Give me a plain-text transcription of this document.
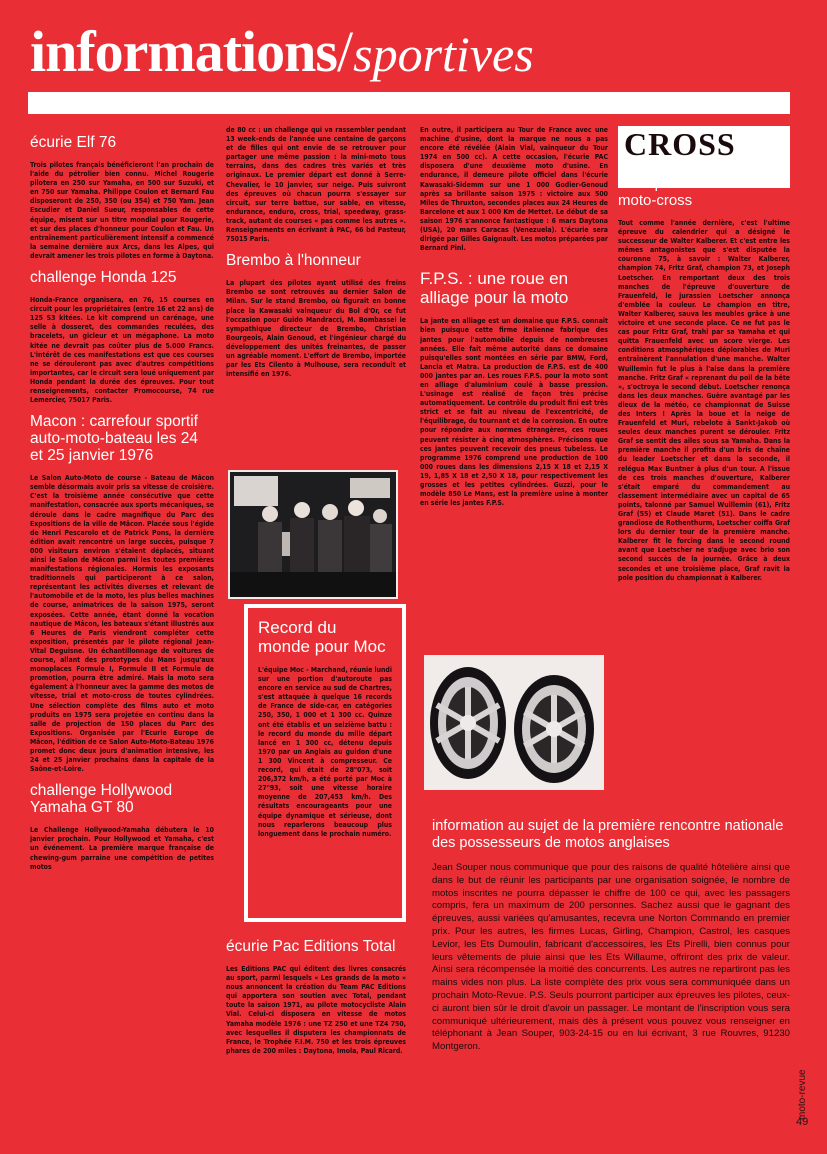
informations/sportives
écurie Elf 76
Trois pilotes français bénéficieront l'an prochain de l'aide du pétrolier bien connu. Michel Rougerie pilotera en 250 sur Yamaha, en 500 sur Suzuki, et en 750 sur Yamaha. Philippe Coulon et Bernard Fau disposeront de 250, 350 (ou 354) et 750 Yam. Jean Escudier et Daniel Sueur, responsables de cette équipe, misent sur un titre mondial pour Rougerie, et sur des places d'honneur pour Coulon et Fau. Un entraînement particulièrement intensif a commencé la semaine dernière aux Arcs, dans les Alpes, qui devrait amener les trois pilotes en forme à Daytona.
challenge Honda 125
Honda-France organisera, en 76, 15 courses en circuit pour les propriétaires (entre 16 et 22 ans) de 125 S3 kitées. Le kit comprend un carénage, une selle à dosseret, des commandes reculées, des bracelets, un gicleur et un mégaphone. La moto kitée ne devrait pas coûter plus de 5.000 Francs. L'intérêt de ces manifestations est que ces courses ne se dérouleront pas avec d'autres compétitions importantes, car le circuit sera loué uniquement par Honda pendant la durée des épreuves. Pour tout renseignements, contacter Promocourse, 74 rue Lemercier, 75017 Paris.
Macon : carrefour sportif auto-moto-bateau les 24 et 25 janvier 1976
Le Salon Auto-Moto de course - Bateau de Mâcon semble désormais avoir pris sa vitesse de croisière. C'est la troisième année consécutive que cette manifestation, consacrée aux sports mécaniques, se déroule dans le cadre magnifique du Parc des Expositions de la ville de Mâcon. Placée sous l'égide de Henri Pescarolo et de Patrick Pons, la dernière édition avait rencontré un large succès, puisque 7 000 visiteurs environ s'étaient déplacés, situant ainsi le Salon de Mâcon parmi les toutes premières manifestations régionales. Hormis les exposants traditionnels qui participeront à ce salon, représentant les activités diverses et relevant de l'automobile et de la moto, les plus belles machines de course, animatrices de la saison 1975, seront exposées. Cette année, étant donné la vocation nautique de Mâcon, les bateaux s'étant illustrés aux 6 Heures de Paris viendront compléter cette exposition, présentés par le pilote régional Jean-Vital Deguisne. Un échantillonnage de voitures de course, allant des prototypes du Mans jusqu'aux monoplaces Formule I, Formule II et Formule de promotion, pourra être admiré. Mais la moto sera également à l'honneur avec la gamme des motos de vitesse, trial et moto-cross de toutes cylindrées. Une sélection complète des films auto et moto produits en 1975 sera projetée en continu dans la salle de projection de 150 places du Parc des Expositions. Organisée par l'Ecurie Europe de Mâcon, l'édition de ce Salon Auto-Moto-Bateau 1976 promet donc deux jours d'animation intensive, les 24 et 25 janvier prochains dans la capitale de la Saône-et-Loire.
challenge Hollywood Yamaha GT 80
Le Challenge Hollywood-Yamaha débutera le 10 janvier prochain. Pour Hollywood et Yamaha, c'est un événement. La première marque française de chewing-gum parraine une compétition de petites motos
de 80 cc : un challenge qui va rassembler pendant 13 week-ends de l'année une centaine de garçons et de filles qui ont envie de se retrouver pour partager une même passion : la mini-moto tous terrains, dans des cadres très variés et très originaux. Le premier départ est donné à Serre-Chevalier, le 10 janvier, sur neige. Puis suivront des épreuves où chacun pourra s'essayer sur circuit, sur terre battue, sur sable, en vitesse, endurance, enduro, cross, trial, speedway, grass-track, autant de courses « pas comme les autres ». Renseignements en écrivant à PAC, 66 bd Pasteur, 75015 Paris.
Brembo à l'honneur
La plupart des pilotes ayant utilisé des freins Brembo se sont retrouvés au dernier Salon de Milan. Sur le stand Brembo, où figurait en bonne place la Kawasaki vainqueur du Bol d'Or, ce fut l'occasion pour Guido Mandracci, M. Bombassei le sympathique directeur de Brembo, Christian Bourgeois, Alain Genoud, et l'ingénieur chargé du développement des unités freinantes, de passer un agréable moment. L'effort de Brembo, importée par les Ets Cilento à Mulhouse, sera reconduit et intensifié en 1976.
Record du monde pour Moc
L'équipe Moc - Marchand, réunie lundi sur une portion d'autoroute pas encore en service au sud de Chartres, s'est attaquée à quelque 16 records de France de side-car, en catégories 250, 350, 1 000 et 1 300 cc. Quinze ont été établis et un seizième battu : le record du monde du mille départ lancé en 1 300 cc, détenu depuis 1970 par un Anglais au guidon d'une 1 300 Vincent à compresseur. Ce record, qui était de 28"073, soit 206,372 km/h, a été porté par Moc à 27"93, soit une vitesse horaire moyenne de 207,453 km/h. Des résultats encourageants pour une équipe dynamique et sérieuse, dont nous reparlerons beaucoup plus longuement dans le prochain numéro.
écurie Pac Editions Total
Les Editions PAC qui éditent des livres consacrés au sport, parmi lesquels « Les grands de la moto » nous annoncent la création du Team PAC Editions qui apportera son soutien avec Total, pendant toute la saison 1971, au pilote motocycliste Alain Vial. Celui-ci disposera en vitesse de motos Yamaha modèle 1976 : une TZ 250 et une TZ4 750, avec lesquelles il disputera les championnats de France, le Trophée F.I.M. 750 et les trois épreuves phares de 200 miles : Daytona, Imola, Paul Ricard.
En outre, il participera au Tour de France avec une machine d'usine, dont la marque ne nous a pas encore été révélée (Alain Vial, vainqueur du Tour 1974 en 500 cc). A cette occasion, l'écurie PAC disposera d'une deuxième moto d'usine. En endurance, il demeure pilote officiel dans l'écurie Kawasaki-Sidemm sur une 1 000 Godier-Genoud après sa brillante saison 1975 : victoire aux 500 Miles de Thruxton, secondes places aux 24 Heures de Barcelone et aux 1 000 Km de Mettet. Le début de sa saison 1976 s'annonce fantastique : 6 mars Daytona (USA), 20 mars Caracas (Venezuela). L'écurie sera dirigée par Gilles Gaignault. Les motos préparées par Bernard Pinl.
F.P.S. : une roue en alliage pour la moto
La jante en alliage est un domaine que F.P.S. connaît bien puisque cette firme italienne fabrique des jantes pour l'automobile depuis de nombreuses années. Elle fait même autorité dans ce domaine puisqu'elles sont montées en série par BMW, Ford, Lancia et Matra. La production de F.P.S. est de 400 000 jantes par an. Les roues F.P.S. pour la moto sont en alliage d'aluminium coulé à basse pression. L'usinage est réalisé de façon très précise automatiquement. Le contrôle du produit fini est très strict et se fait au niveau de l'excentricité, de l'équilibrage, du tournant et de la corrosion. En outre pour répondre aux normes étrangères, ces roues peuvent résister à cinq atmosphères. Précisons que ces jantes peuvent recevoir des pneus tubeless. Le programme 1976 comprend une production de 100 000 roues dans les dimensions 2,15 X 18 et 2,15 X 19, 1,85 X 18 et 2,50 X 18, pour respectivement les grosses et les petites cylindrées. Guzzi, pour le modèle 850 Le Mans, est la première usine à monter en série les jantes F.P.S.
CROSS
Suisse : bilan du championnat 1975 de moto-cross
Tout comme l'année dernière, c'est l'ultime épreuve du calendrier qui a désigné le successeur de Walter Kalberer. Et c'est entre les mêmes antagonistes que s'est disputée la couronne 75, à savoir : Walter Kalberer, champion 74, Fritz Graf, champion 73, et Joseph Loetscher. En remportant deux des trois manches de l'épreuve d'ouverture de Frauenfeld, le jurassien Loetscher annonça d'emblée la couleur. Le champion en titre, Walter Kalberer, sauva les meubles grâce à une victoire et une seconde place. Ce ne fut pas le cas pour Fritz Graf, trahi par sa Yamaha et qui quitta Frauenfeld avec un score vierge. Les conditions atmosphériques déplorables de Muri entraînèrent l'annulation d'une manche. Walter Wuillemin fut le plus à l'aise dans la première manche. Fritz Graf « reprenant du poil de la bête », s'octroya le second début. Loetscher renonça dans les deux manches. Guère avantagé par les dieux de la météo, ce championnat de Suisse des Inters ! Après la boue et la neige de Frauenfeld et Muri, rebelote à Sankt-Jakob où seules deux manches purent se dérouler. Fritz Graf se sentit des ailes sous sa Yamaha. Dans la première manche il profita d'un bris de chaîne du leader Loetscher et dans la seconde, il relégua Max Buntner à plus d'un tour. A l'issue de ces trois manches d'ouverture, Kalberer s'était emparé du commandement au classement intermédiaire avec un capital de 65 points, talonné par Samuel Wuillemin (61), Fritz Graf (55) et Claude Maret (51). Dans le cadre grandiose de Rothenthurm, Loetscher coiffa Graf lors du dernier tour de la première manche. Kalberer fit le forcing dans le second round avant que Loetscher ne s'adjuge avec brio son second succès de la journée. Grâce à deux secondes et une troisième place, Graf ravit la pole position du championnat à Kalberer.
information au sujet de la première rencontre nationale des possesseurs de motos anglaises
Jean Souper nous communique que pour des raisons de qualité hôtelière ainsi que dans le but de réunir les participants par une organisation soignée, le nombre de motos inscrites ne pourra dépasser le chiffre de 100 ce qui, avec les passagers compris, fera un maximum de 200 personnes. Sachez aussi que le gagnant des épreuves, aussi variées qu'amusantes, recevra une Norton Commando en premier prix. Pour les autres, les firmes Lucas, Girling, Champion, Castrol, les casques Levior, les Ets Dumoulin, fabricant d'accessoires, les Ets Pirelli, bien connus pour leurs vêtements de pluie ainsi que les Ets Willaume, offriront des prix de valeur. Ainsi sera récompensée la moitié des concurrents. Les autres ne repartiront pas les mains vides non plus. La liste complète des prix vous sera communiquée dans un prochain Moto-Revue. P.S. Seuls pourront participer aux épreuves les pilotes, ceux-ci auront bien sûr le droit d'avoir un passager. Le montant de l'inscription vous sera communiqué ultérieurement, mais dès à présent vous pouvez vous renseigner en téléphonant à Jean Souper, 903-24-15 ou en lui écrivant, 3 rue Rouvres, 91230 Montgeron.
moto-revue
49
